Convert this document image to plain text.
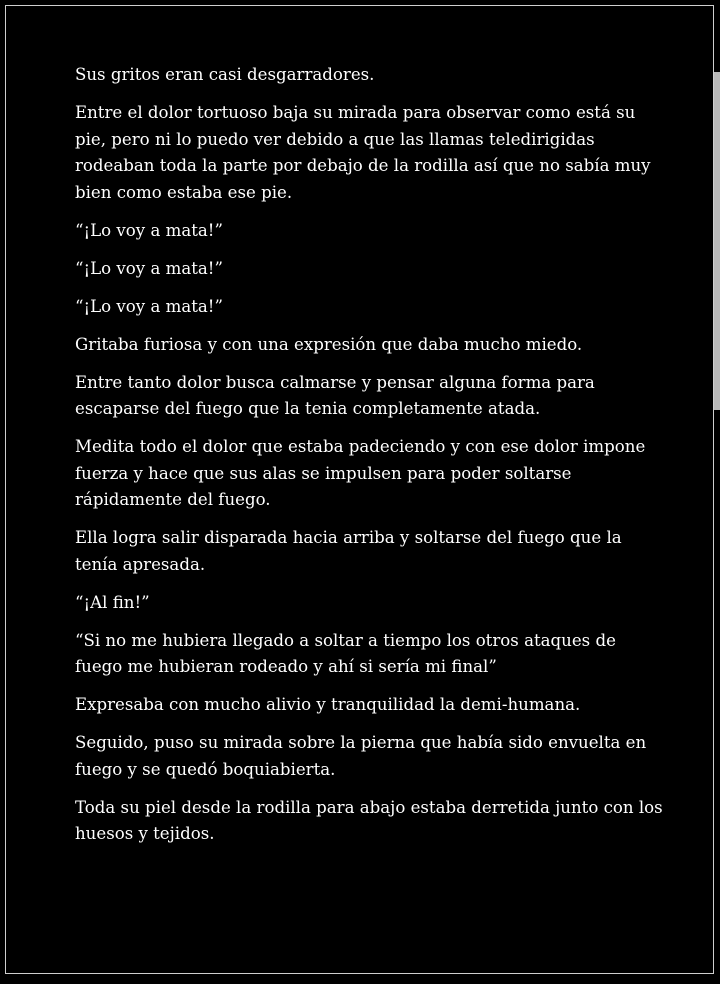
Sus gritos eran casi desgarradores.

Entre el dolor tortuoso baja su mirada para observar como está su pie, pero ni lo puedo ver debido a que las llamas teledirigidas rodeaban toda la parte por debajo de la rodilla así que no sabía muy bien como estaba ese pie.

“¡Lo voy a mata!”

“¡Lo voy a mata!”

“¡Lo voy a mata!”

Gritaba furiosa y con una expresión que daba mucho miedo.

Entre tanto dolor busca calmarse y pensar alguna forma para escaparse del fuego que la tenia completamente atada.

Medita todo el dolor que estaba padeciendo y con ese dolor impone fuerza y hace que sus alas se impulsen para poder soltarse rápidamente del fuego.

Ella logra salir disparada hacia arriba y soltarse del fuego que la tenía apresada.

“¡Al fin!”

“Si no me hubiera llegado a soltar a tiempo los otros ataques de fuego me hubieran rodeado y ahí si sería mi final”

Expresaba con mucho alivio y tranquilidad la demi-humana.

Seguido, puso su mirada sobre la pierna que había sido envuelta en fuego y se quedó boquiabierta.

Toda su piel desde la rodilla para abajo estaba derretida junto con los huesos y tejidos.
